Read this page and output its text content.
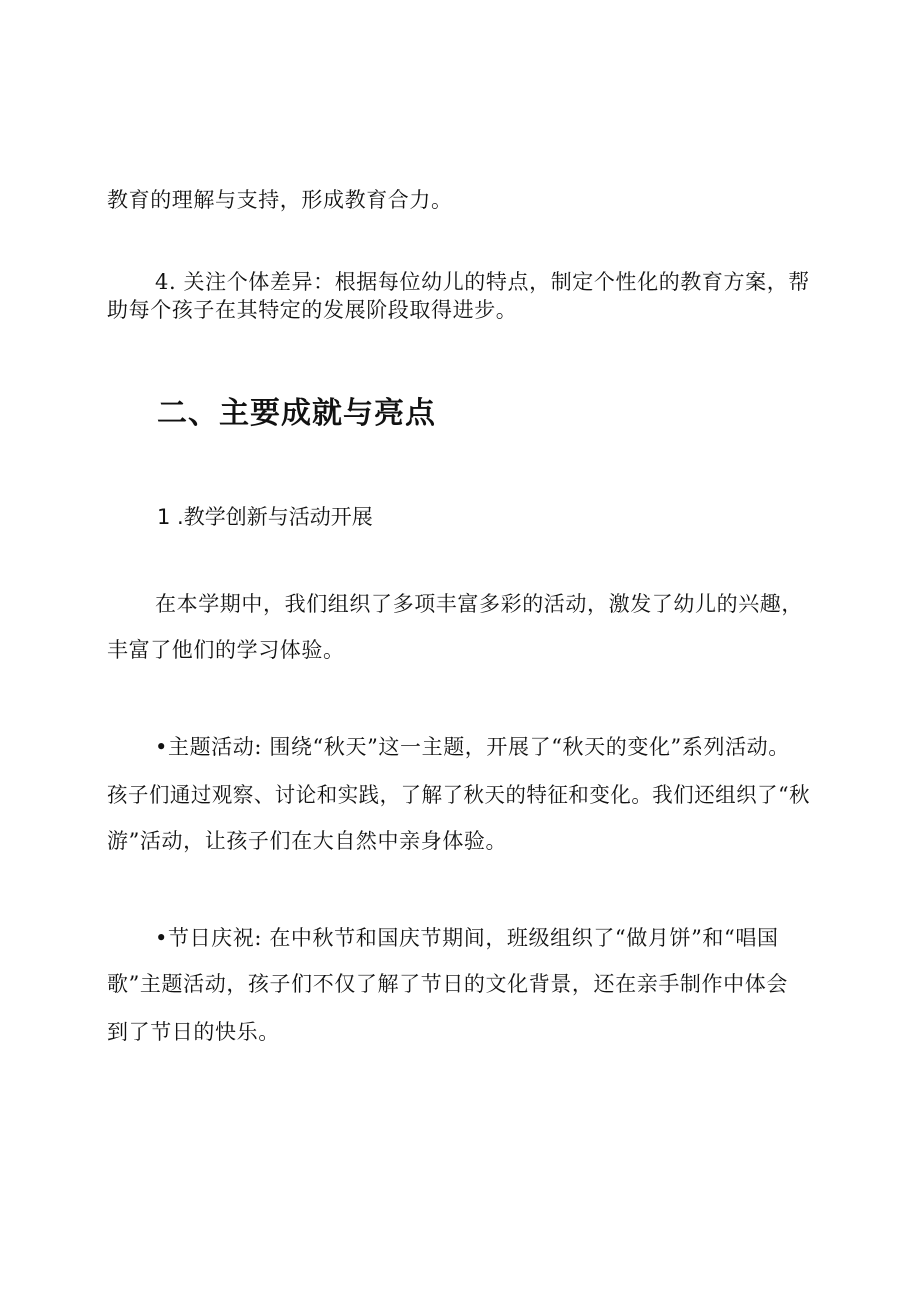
教育的理解与支持，形成教育合力。
4. 关注个体差异：根据每位幼儿的特点，制定个性化的教育方案，帮
助每个孩子在其特定的发展阶段取得进步。
二、主要成就与亮点
1 .教学创新与活动开展
在本学期中，我们组织了多项丰富多彩的活动，激发了幼儿的兴趣，
丰富了他们的学习体验。
•主题活动: 围绕“秋天”这一主题，开展了“秋天的变化”系列活动。
孩子们通过观察、讨论和实践，了解了秋天的特征和变化。我们还组织了“秋
游”活动，让孩子们在大自然中亲身体验。
•节日庆祝: 在中秋节和国庆节期间，班级组织了“做月饼”和“唱国
歌”主题活动，孩子们不仅了解了节日的文化背景，还在亲手制作中体会
到了节日的快乐。
